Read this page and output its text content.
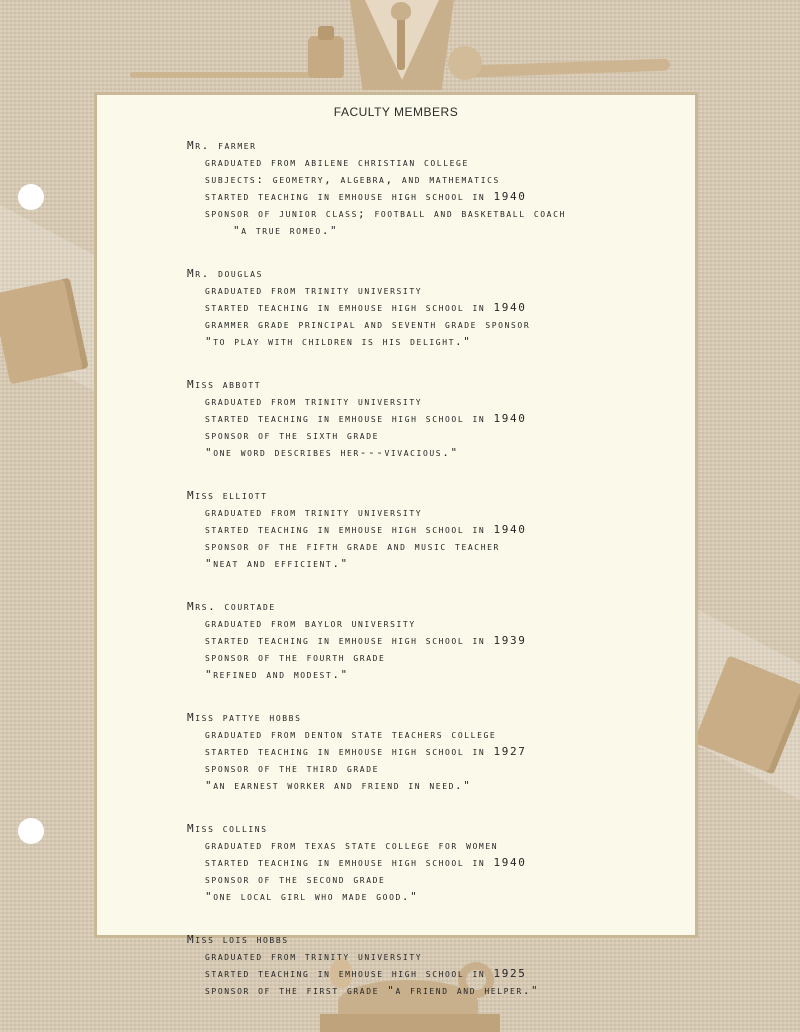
FACULTY MEMBERS
Mr. farmer
graduated from abilene christian college
subjects: geometry, algebra, and mathematics
started teaching in emhouse high school in 1940
sponsor of junior class; football and basketball coach
"a true romeo."
Mr. douglas
graduated from trinity university
started teaching in emhouse high school in 1940
grammer grade principal and seventh grade sponsor
"to play with children is his delight."
Miss abbott
graduated from trinity university
started teaching in emhouse high school in 1940
sponsor of the sixth grade
"one word describes her---vivacious."
Miss elliott
graduated from trinity university
started teaching in emhouse high school in 1940
sponsor of the fifth grade and music teacher
"neat and efficient."
Mrs. courtade
graduated from baylor university
started teaching in emhouse high school in 1939
sponsor of the fourth grade
"refined and modest."
Miss pattye hobbs
graduated from denton state teachers college
started teaching in emhouse high school in 1927
sponsor of the third grade
"an earnest worker and friend in need."
Miss collins
graduated from texas state college for women
started teaching in emhouse high school in 1940
sponsor of the second grade
"one local girl who made good."
Miss lois hobbs
graduated from trinity university
started teaching in emhouse high school in 1925
sponsor of the first grade "a friend and helper."
